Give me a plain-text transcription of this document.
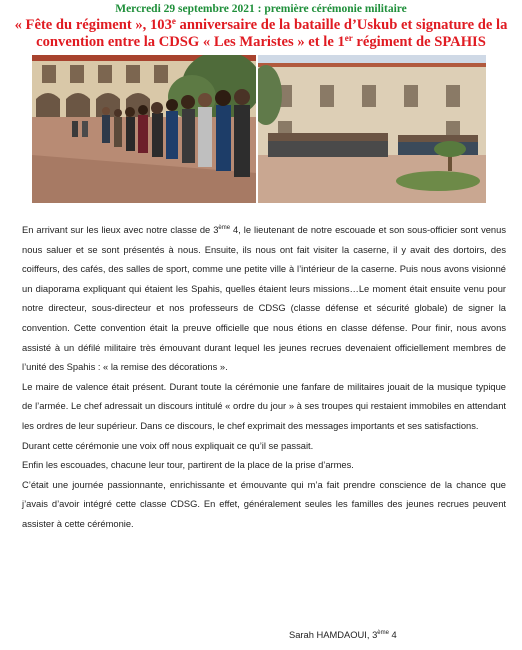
Mercredi 29 septembre 2021 : première cérémonie militaire
« Fête du régiment », 103e anniversaire de la bataille d’Uskub et signature de la convention entre la CDSG « Les Maristes » et le 1er régiment de SPAHIS

En arrivant sur les lieux avec notre classe de 3ème 4, le lieutenant de notre escouade et son sous-officier sont venus nous saluer et se sont présentés à nous. Ensuite, ils nous ont fait visiter la caserne, il y avait des dortoirs, des coiffeurs, des cafés, des salles de sport, comme une petite ville à l’intérieur de la caserne. Puis nous avons visionné un diaporama expliquant qui étaient les Spahis, quelles étaient leurs missions…Le moment était ensuite venu pour notre directeur, sous-directeur et nos professeurs de CDSG (classe défense et sécurité globale) de signer la convention. Cette convention était la preuve officielle que nous étions en classe défense. Pour finir, nous avons assisté à un défilé militaire très émouvant durant lequel les jeunes recrues devenaient officiellement membres de l’unité des Spahis : « la remise des décorations ».

Le maire de valence était présent. Durant toute la cérémonie une fanfare de militaires jouait de la musique typique de l’armée. Le chef adressait un discours intitulé « ordre du jour » à ses troupes qui restaient immobiles en attendant les ordres de leur supérieur. Dans ce discours, le chef exprimait des messages importants et ses satisfactions.

Durant cette cérémonie une voix off nous expliquait ce qu’il se passait.

Enfin les escouades, chacune leur tour, partirent de la place de la prise d’armes.

C’était une journée passionnante, enrichissante et émouvante qui m’a fait prendre conscience de la chance que j’avais d’avoir intégré cette classe CDSG. En effet, généralement seules les familles des jeunes recrues peuvent assister à cette cérémonie.

Sarah HAMDAOUI, 3ème 4
